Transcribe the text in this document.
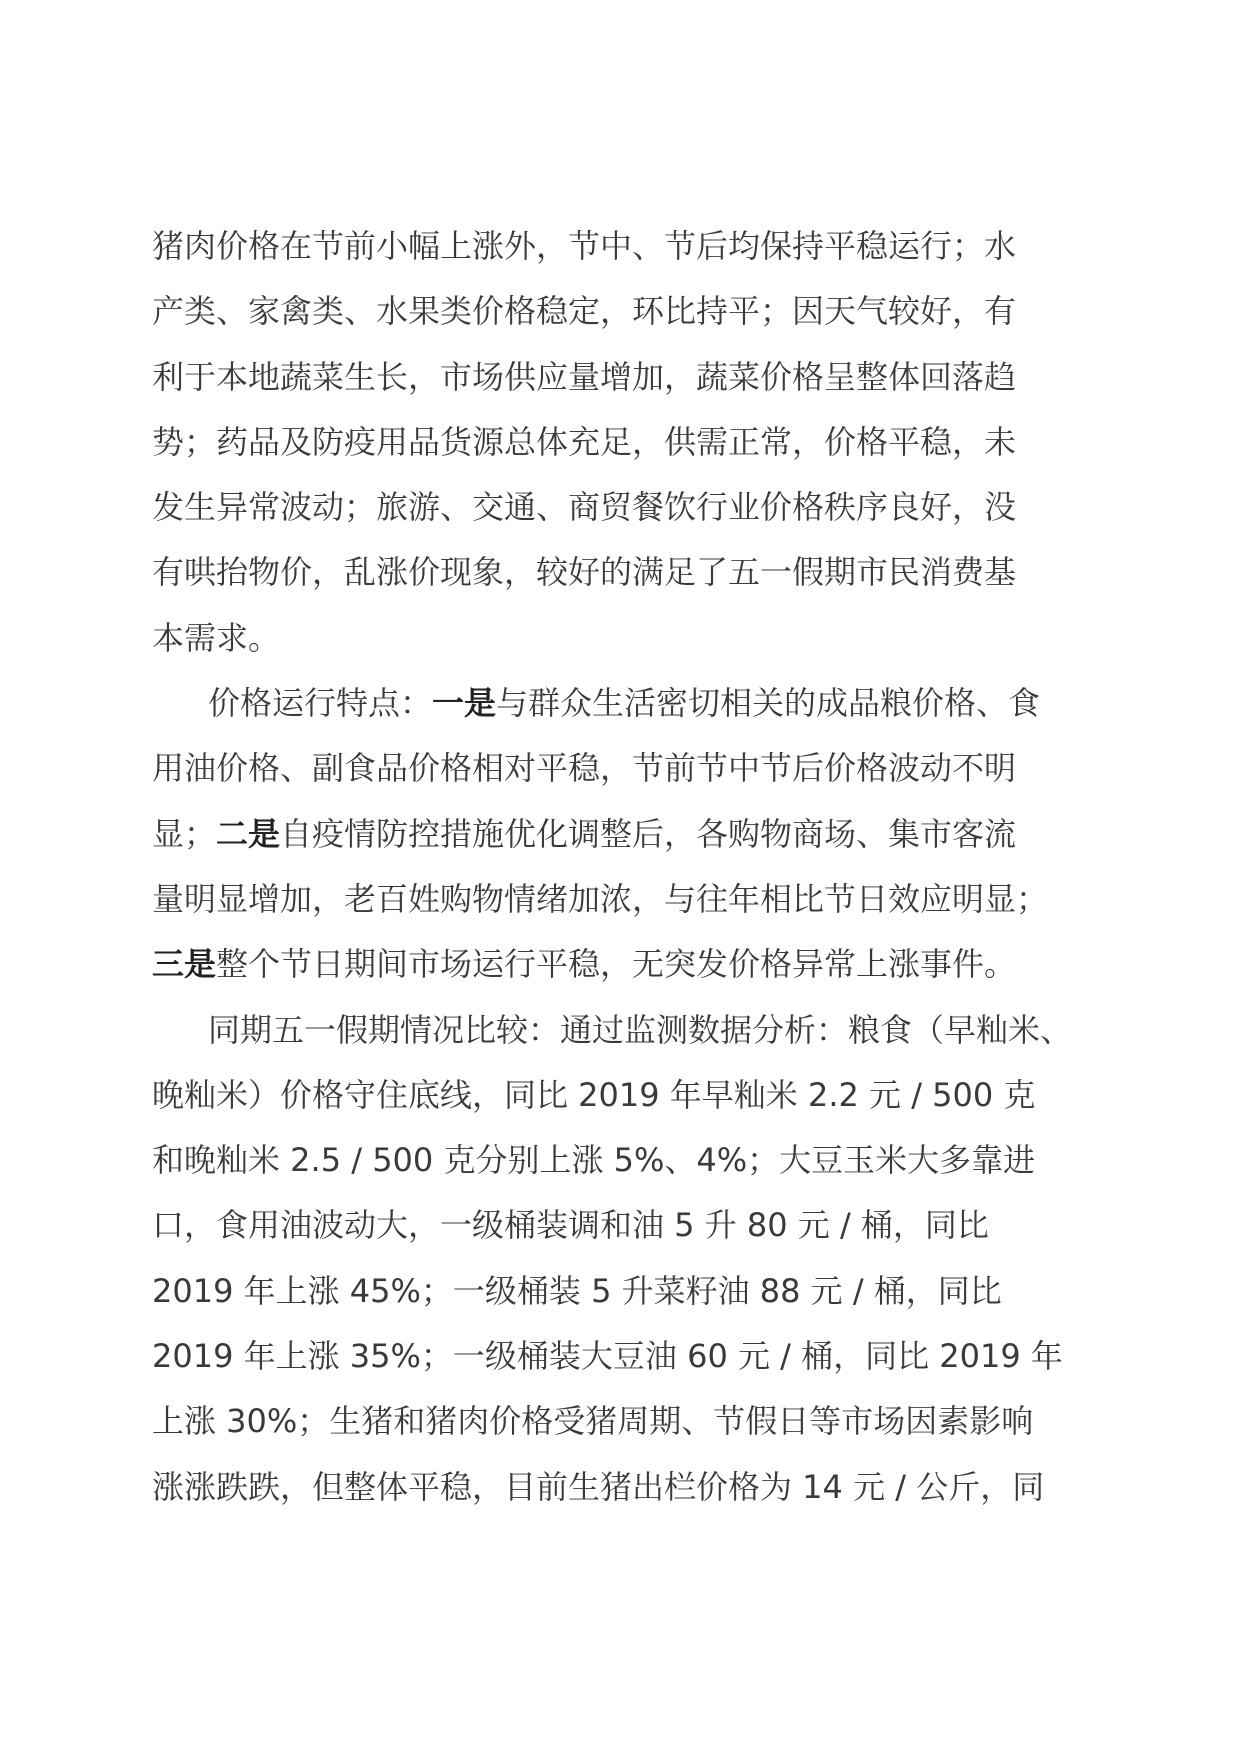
猪肉价格在节前小幅上涨外，节中、节后均保持平稳运行；水
产类、家禽类、水果类价格稳定，环比持平；因天气较好，有
利于本地蔬菜生长，市场供应量增加，蔬菜价格呈整体回落趋
势；药品及防疫用品货源总体充足，供需正常，价格平稳，未
发生异常波动；旅游、交通、商贸餐饮行业价格秩序良好，没
有哄抬物价，乱涨价现象，较好的满足了五一假期市民消费基
本需求。
价格运行特点：一是与群众生活密切相关的成品粮价格、食
用油价格、副食品价格相对平稳，节前节中节后价格波动不明
显；二是自疫情防控措施优化调整后，各购物商场、集市客流
量明显增加，老百姓购物情绪加浓，与往年相比节日效应明显；
三是整个节日期间市场运行平稳，无突发价格异常上涨事件。
同期五一假期情况比较：通过监测数据分析：粮食（早籼米、
晚籼米）价格守住底线，同比 2019 年早籼米 2.2 元 / 500 克
和晚籼米 2.5 / 500 克分别上涨 5%、4%；大豆玉米大多靠进
口，食用油波动大，一级桶装调和油 5 升 80 元 / 桶，同比
2019 年上涨 45%；一级桶装 5 升菜籽油 88 元 / 桶，同比
2019 年上涨 35%；一级桶装大豆油 60 元 / 桶，同比 2019 年
上涨 30%；生猪和猪肉价格受猪周期、节假日等市场因素影响
涨涨跌跌，但整体平稳，目前生猪出栏价格为 14 元 / 公斤，同
